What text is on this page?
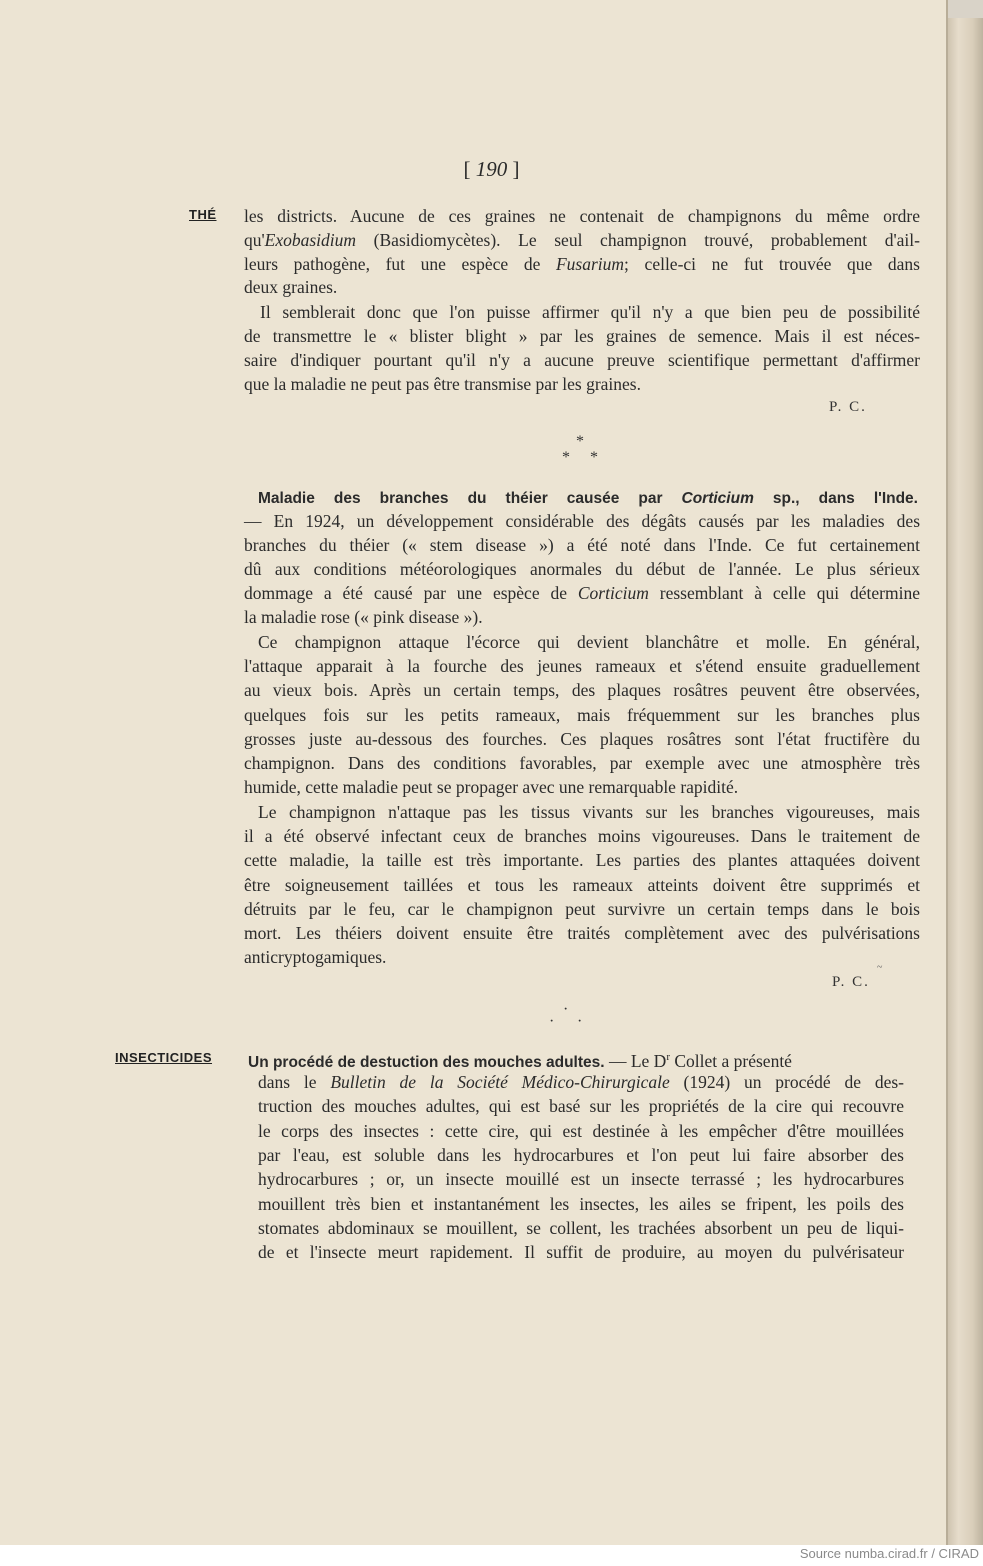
[ 190 ]
THÉ les districts. Aucune de ces graines ne contenait de champignons du même ordre
qu'Exobasidium (Basidiomycètes). Le seul champignon trouvé, probablement d'ail-
leurs pathogène, fut une espèce de Fusarium; celle-ci ne fut trouvée que dans
deux graines.
Il semblerait donc que l'on puisse affirmer qu'il n'y a que bien peu de possibilité
de transmettre le « blister blight » par les graines de semence. Mais il est néces-
saire d'indiquer pourtant qu'il n'y a aucune preuve scientifique permettant d'affirmer
que la maladie ne peut pas être transmise par les graines.
P. C.
*
* *
Maladie des branches du théier causée par Corticium sp., dans l'Inde.
— En 1924, un développement considérable des dégâts causés par les maladies des
branches du théier (« stem disease ») a été noté dans l'Inde. Ce fut certainement
dû aux conditions météorologiques anormales du début de l'année. Le plus sérieux
dommage a été causé par une espèce de Corticium ressemblant à celle qui détermine
la maladie rose (« pink disease »).
Ce champignon attaque l'écorce qui devient blanchâtre et molle. En général,
l'attaque apparait à la fourche des jeunes rameaux et s'étend ensuite graduellement
au vieux bois. Après un certain temps, des plaques rosâtres peuvent être observées,
quelques fois sur les petits rameaux, mais fréquemment sur les branches plus
grosses juste au-dessous des fourches. Ces plaques rosâtres sont l'état fructifère du
champignon. Dans des conditions favorables, par exemple avec une atmosphère très
humide, cette maladie peut se propager avec une remarquable rapidité.
Le champignon n'attaque pas les tissus vivants sur les branches vigoureuses, mais
il a été observé infectant ceux de branches moins vigoureuses. Dans le traitement de
cette maladie, la taille est très importante. Les parties des plantes attaquées doivent
être soigneusement taillées et tous les rameaux atteints doivent être supprimés et
détruits par le feu, car le champignon peut survivre un certain temps dans le bois
mort. Les théiers doivent ensuite être traités complètement avec des pulvérisations
anticryptogamiques.
P. C.
~
·
· ·
INSECTICIDES Un procédé de destuction des mouches adultes. — Le $D^r$ Collet a présenté
dans le Bulletin de la Société Médico-Chirurgicale (1924) un procédé de des-
truction des mouches adultes, qui est basé sur les propriétés de la cire qui recouvre
le corps des insectes : cette cire, qui est destinée à les empêcher d'être mouillées
par l'eau, est soluble dans les hydrocarbures et l'on peut lui faire absorber des
hydrocarbures ; or, un insecte mouillé est un insecte terrassé ; les hydrocarbures
mouillent très bien et instantanément les insectes, les ailes se fripent, les poils des
stomates abdominaux se mouillent, se collent, les trachées absorbent un peu de liqui-
de et l'insecte meurt rapidement. Il suffit de produire, au moyen du pulvérisateur
Source numba.cirad.fr / CIRAD
